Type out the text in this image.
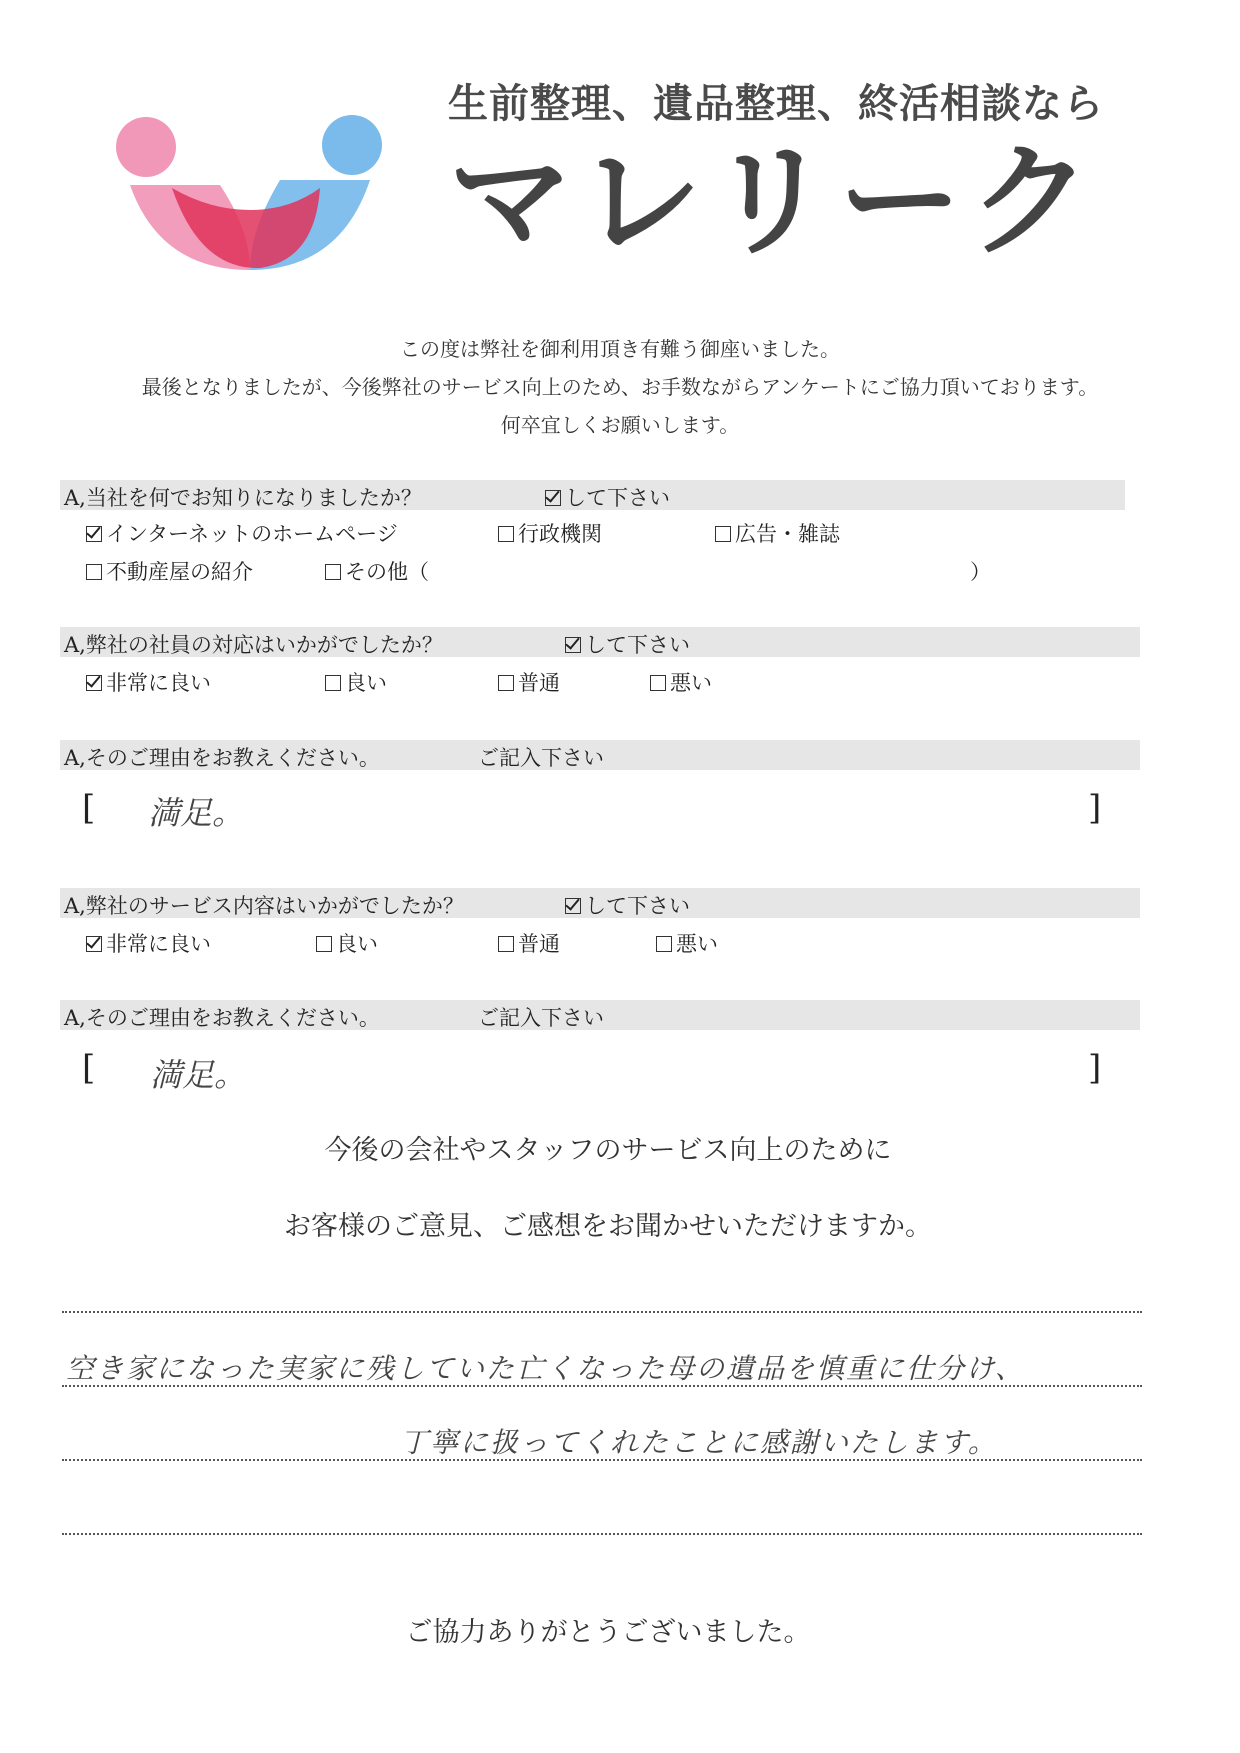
生前整理、遺品整理、終活相談なら
マレリーク
この度は弊社を御利用頂き有難う御座いました。
最後となりましたが、今後弊社のサービス向上のため、お手数ながらアンケートにご協力頂いております。
何卒宜しくお願いします。
A,当社を何でお知りになりましたか？	して下さい
インターネットのホームページ	行政機関	広告・雑誌
不動産屋の紹介	その他（	）
A,弊社の社員の対応はいかがでしたか？	して下さい
非常に良い	良い	普通	悪い
A,そのご理由をお教えください。	ご記入下さい
[ 満足。	]
A,弊社のサービス内容はいかがでしたか？	して下さい
非常に良い	良い	普通	悪い
A,そのご理由をお教えください。	ご記入下さい
[ 満足。	]
今後の会社やスタッフのサービス向上のために
お客様のご意見、ご感想をお聞かせいただけますか。
空き家になった実家に残していた亡くなった母の遺品を慎重に仕分け、
丁寧に扱ってくれたことに感謝いたします。
ご協力ありがとうございました。
